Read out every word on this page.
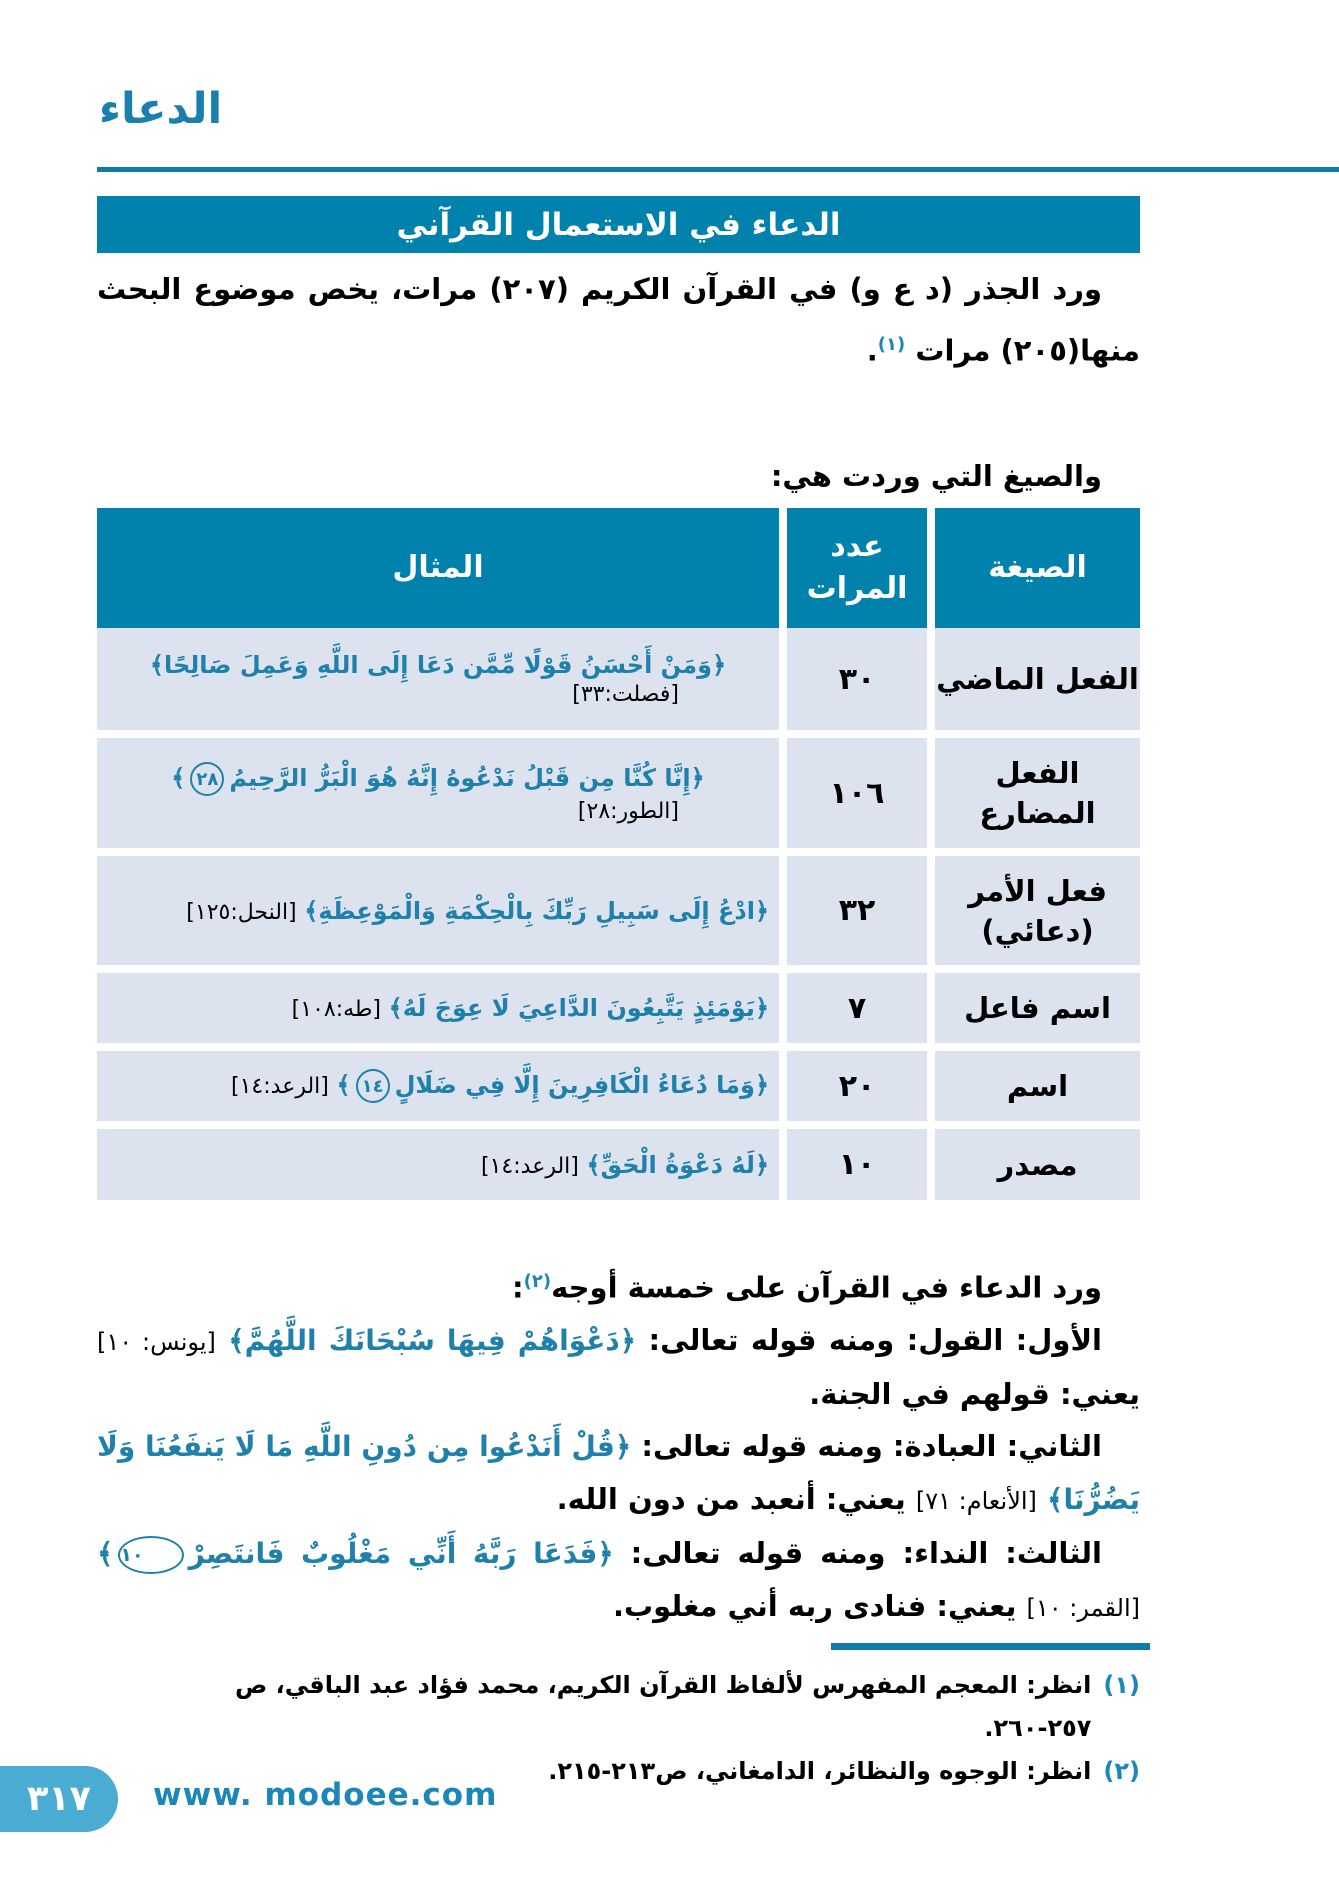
الدعاء
الدعاء في الاستعمال القرآني

ورد الجذر (د ع و) في القرآن الكريم (٢٠٧) مرات، يخص موضوع البحث منها(٢٠٥) مرات $^{(١)}$.

والصيغ التي وردت هي:

الصيغة
عدد المرات
المثال
الفعل الماضي
٣٠
﴿وَمَنْ أَحْسَنُ قَوْلًا مِّمَّن دَعَا إِلَى اللَّهِ وَعَمِلَ صَالِحًا﴾
[فصلت:٣٣]
الفعل المضارع
١٠٦
﴿إِنَّا كُنَّا مِن قَبْلُ نَدْعُوهُ إِنَّهُ هُوَ الْبَرُّ الرَّحِيمُ٢٨﴾
[الطور:٢٨]
فعل الأمر (دعائي)
٣٢
﴿ادْعُ إِلَى سَبِيلِ رَبِّكَ بِالْحِكْمَةِ وَالْمَوْعِظَةِ﴾ [النحل:١٢٥]
اسم فاعل
٧
﴿يَوْمَئِذٍ يَتَّبِعُونَ الدَّاعِيَ لَا عِوَجَ لَهُ﴾ [طه:١٠٨]
اسم
٢٠
﴿وَمَا دُعَاءُ الْكَافِرِينَ إِلَّا فِي ضَلَالٍ١٤﴾ [الرعد:١٤]
مصدر
١٠
﴿لَهُ دَعْوَةُ الْحَقِّ﴾ [الرعد:١٤]

ورد الدعاء في القرآن على خمسة أوجه$^{(٢)}$:

الأول: القول: ومنه قوله تعالى: ﴿دَعْوَاهُمْ فِيهَا سُبْحَانَكَ اللَّهُمَّ﴾ [يونس: ١٠] يعني: قولهم في الجنة.

الثاني: العبادة: ومنه قوله تعالى: ﴿قُلْ أَنَدْعُوا مِن دُونِ اللَّهِ مَا لَا يَنفَعُنَا وَلَا يَضُرُّنَا﴾ [الأنعام: ٧١] يعني: أنعبد من دون الله.

الثالث: النداء: ومنه قوله تعالى: ﴿فَدَعَا رَبَّهُ أَنِّي مَغْلُوبٌ فَانتَصِرْ١٠﴾ [القمر: ١٠] يعني: فنادى ربه أني مغلوب.

(١)
انظر: المعجم المفهرس لألفاظ القرآن الكريم، محمد فؤاد عبد الباقي، ص ٢٥٧-٢٦٠.
(٢)
انظر: الوجوه والنظائر، الدامغاني، ص٢١٣-٢١٥.
٣١٧ www. modoee.com
